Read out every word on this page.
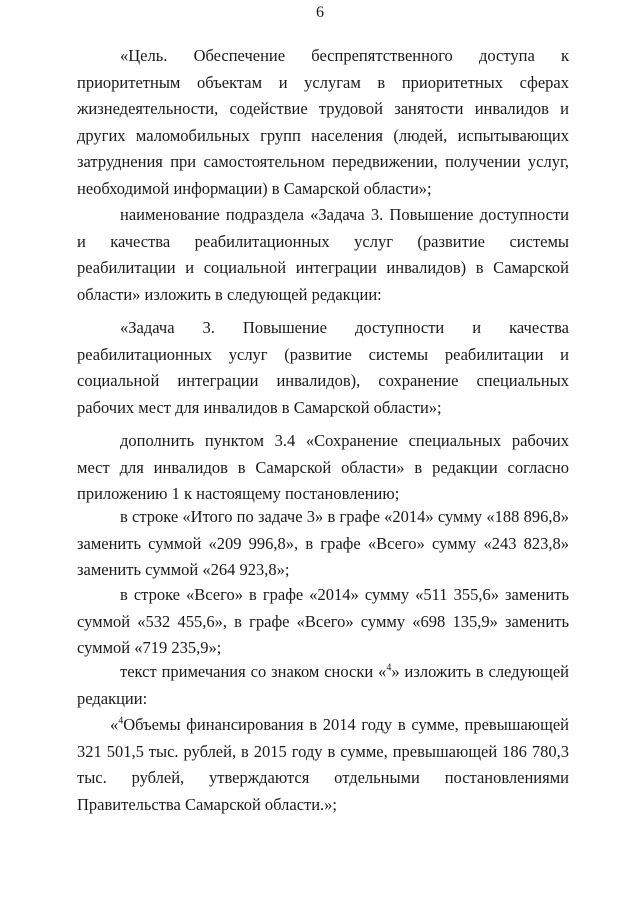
6

«Цель. Обеспечение беспрепятственного доступа к приоритетным объектам и услугам в приоритетных сферах жизнедеятельности, содействие трудовой занятости инвалидов и других маломобильных групп населения (людей, испытывающих затруднения при самостоятельном передвижении, получении услуг, необходимой информации) в Самарской области»;

наименование подраздела «Задача 3. Повышение доступности и качества реабилитационных услуг (развитие системы реабилитации и социальной интеграции инвалидов) в Самарской области» изложить в следующей редакции:

«Задача 3. Повышение доступности и качества реабилитационных услуг (развитие системы реабилитации и социальной интеграции инвалидов), сохранение специальных рабочих мест для инвалидов в Самарской области»;

дополнить пунктом 3.4 «Сохранение специальных рабочих мест для инвалидов в Самарской области» в редакции согласно приложению 1 к настоящему постановлению;

в строке «Итого по задаче 3» в графе «2014» сумму «188 896,8» заменить суммой «209 996,8», в графе «Всего» сумму «243 823,8» заменить суммой «264 923,8»;

в строке «Всего» в графе «2014» сумму «511 355,6» заменить суммой «532 455,6», в графе «Всего» сумму «698 135,9» заменить суммой «719 235,9»;

текст примечания со знаком сноски «$^4$» изложить в следующей редакции:

«$^4$Объемы финансирования в 2014 году в сумме, превышающей 321 501,5 тыс. рублей, в 2015 году в сумме, превышающей 186 780,3 тыс. рублей, утверждаются отдельными постановлениями Правительства Самарской области.»;
